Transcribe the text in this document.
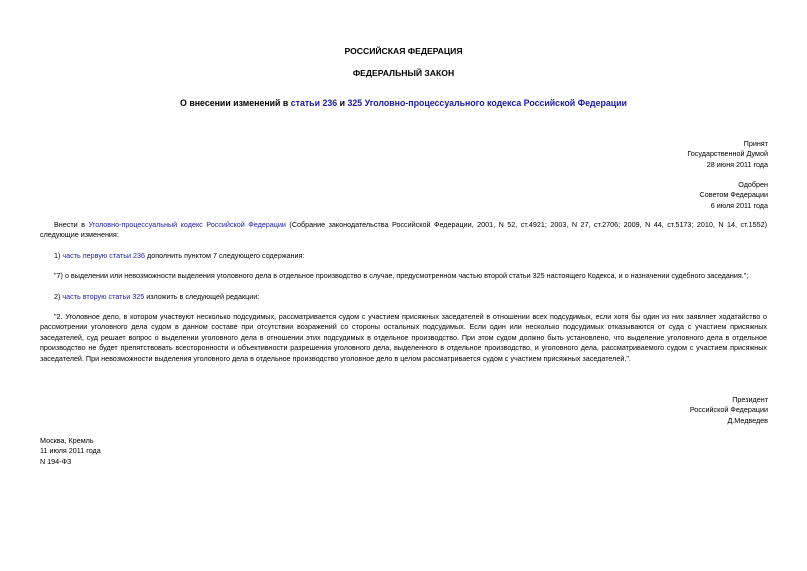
РОССИЙСКАЯ ФЕДЕРАЦИЯ
ФЕДЕРАЛЬНЫЙ ЗАКОН
О внесении изменений в статьи 236 и 325 Уголовно-процессуального кодекса Российской Федерации
Принят
Государственной Думой
28 июня 2011 года
Одобрен
Советом Федерации
6 июля 2011 года
Внести в Уголовно-процессуальный кодекс Российской Федерации (Собрание законодательства Российской Федерации, 2001, N 52, ст.4921; 2003, N 27, ст.2706; 2009, N 44, ст.5173; 2010, N 14, ст.1552) следующие изменения:
1) часть первую статьи 236 дополнить пунктом 7 следующего содержания:
"7) о выделении или невозможности выделения уголовного дела в отдельное производство в случае, предусмотренном частью второй статьи 325 настоящего Кодекса, и о назначении судебного заседания.";
2) часть вторую статьи 325 изложить в следующей редакции:
"2. Уголовное дело, в котором участвуют несколько подсудимых, рассматривается судом с участием присяжных заседателей в отношении всех подсудимых, если хотя бы один из них заявляет ходатайство о рассмотрении уголовного дела судом в данном составе при отсутствии возражений со стороны остальных подсудимых. Если один или несколько подсудимых отказываются от суда с участием присяжных заседателей, суд решает вопрос о выделении уголовного дела в отношении этих подсудимых в отдельное производство. При этом судом должно быть установлено, что выделение уголовного дела в отдельное производство не будет препятствовать всесторонности и объективности разрешения уголовного дела, выделенного в отдельное производство, и уголовного дела, рассматриваемого судом с участием присяжных заседателей. При невозможности выделения уголовного дела в отдельное производство уголовное дело в целом рассматривается судом с участием присяжных заседателей.".
Президент
Российской Федерации
Д.Медведев
Москва, Кремль
11 июля 2011 года
N 194-ФЗ
